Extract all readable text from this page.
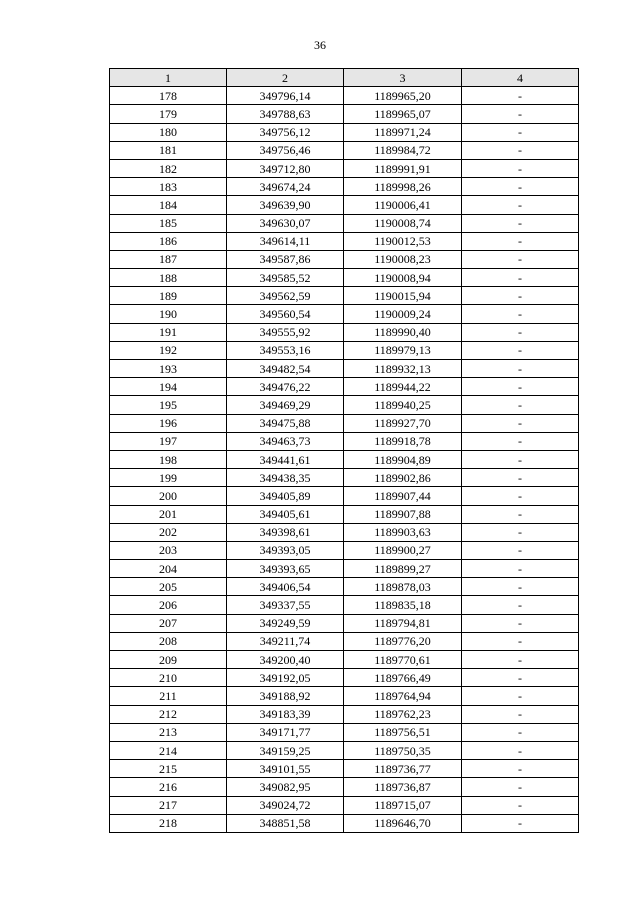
36
1	2	3	4
178	349796,14	1189965,20	-
179	349788,63	1189965,07	-
180	349756,12	1189971,24	-
181	349756,46	1189984,72	-
182	349712,80	1189991,91	-
183	349674,24	1189998,26	-
184	349639,90	1190006,41	-
185	349630,07	1190008,74	-
186	349614,11	1190012,53	-
187	349587,86	1190008,23	-
188	349585,52	1190008,94	-
189	349562,59	1190015,94	-
190	349560,54	1190009,24	-
191	349555,92	1189990,40	-
192	349553,16	1189979,13	-
193	349482,54	1189932,13	-
194	349476,22	1189944,22	-
195	349469,29	1189940,25	-
196	349475,88	1189927,70	-
197	349463,73	1189918,78	-
198	349441,61	1189904,89	-
199	349438,35	1189902,86	-
200	349405,89	1189907,44	-
201	349405,61	1189907,88	-
202	349398,61	1189903,63	-
203	349393,05	1189900,27	-
204	349393,65	1189899,27	-
205	349406,54	1189878,03	-
206	349337,55	1189835,18	-
207	349249,59	1189794,81	-
208	349211,74	1189776,20	-
209	349200,40	1189770,61	-
210	349192,05	1189766,49	-
211	349188,92	1189764,94	-
212	349183,39	1189762,23	-
213	349171,77	1189756,51	-
214	349159,25	1189750,35	-
215	349101,55	1189736,77	-
216	349082,95	1189736,87	-
217	349024,72	1189715,07	-
218	348851,58	1189646,70	-
